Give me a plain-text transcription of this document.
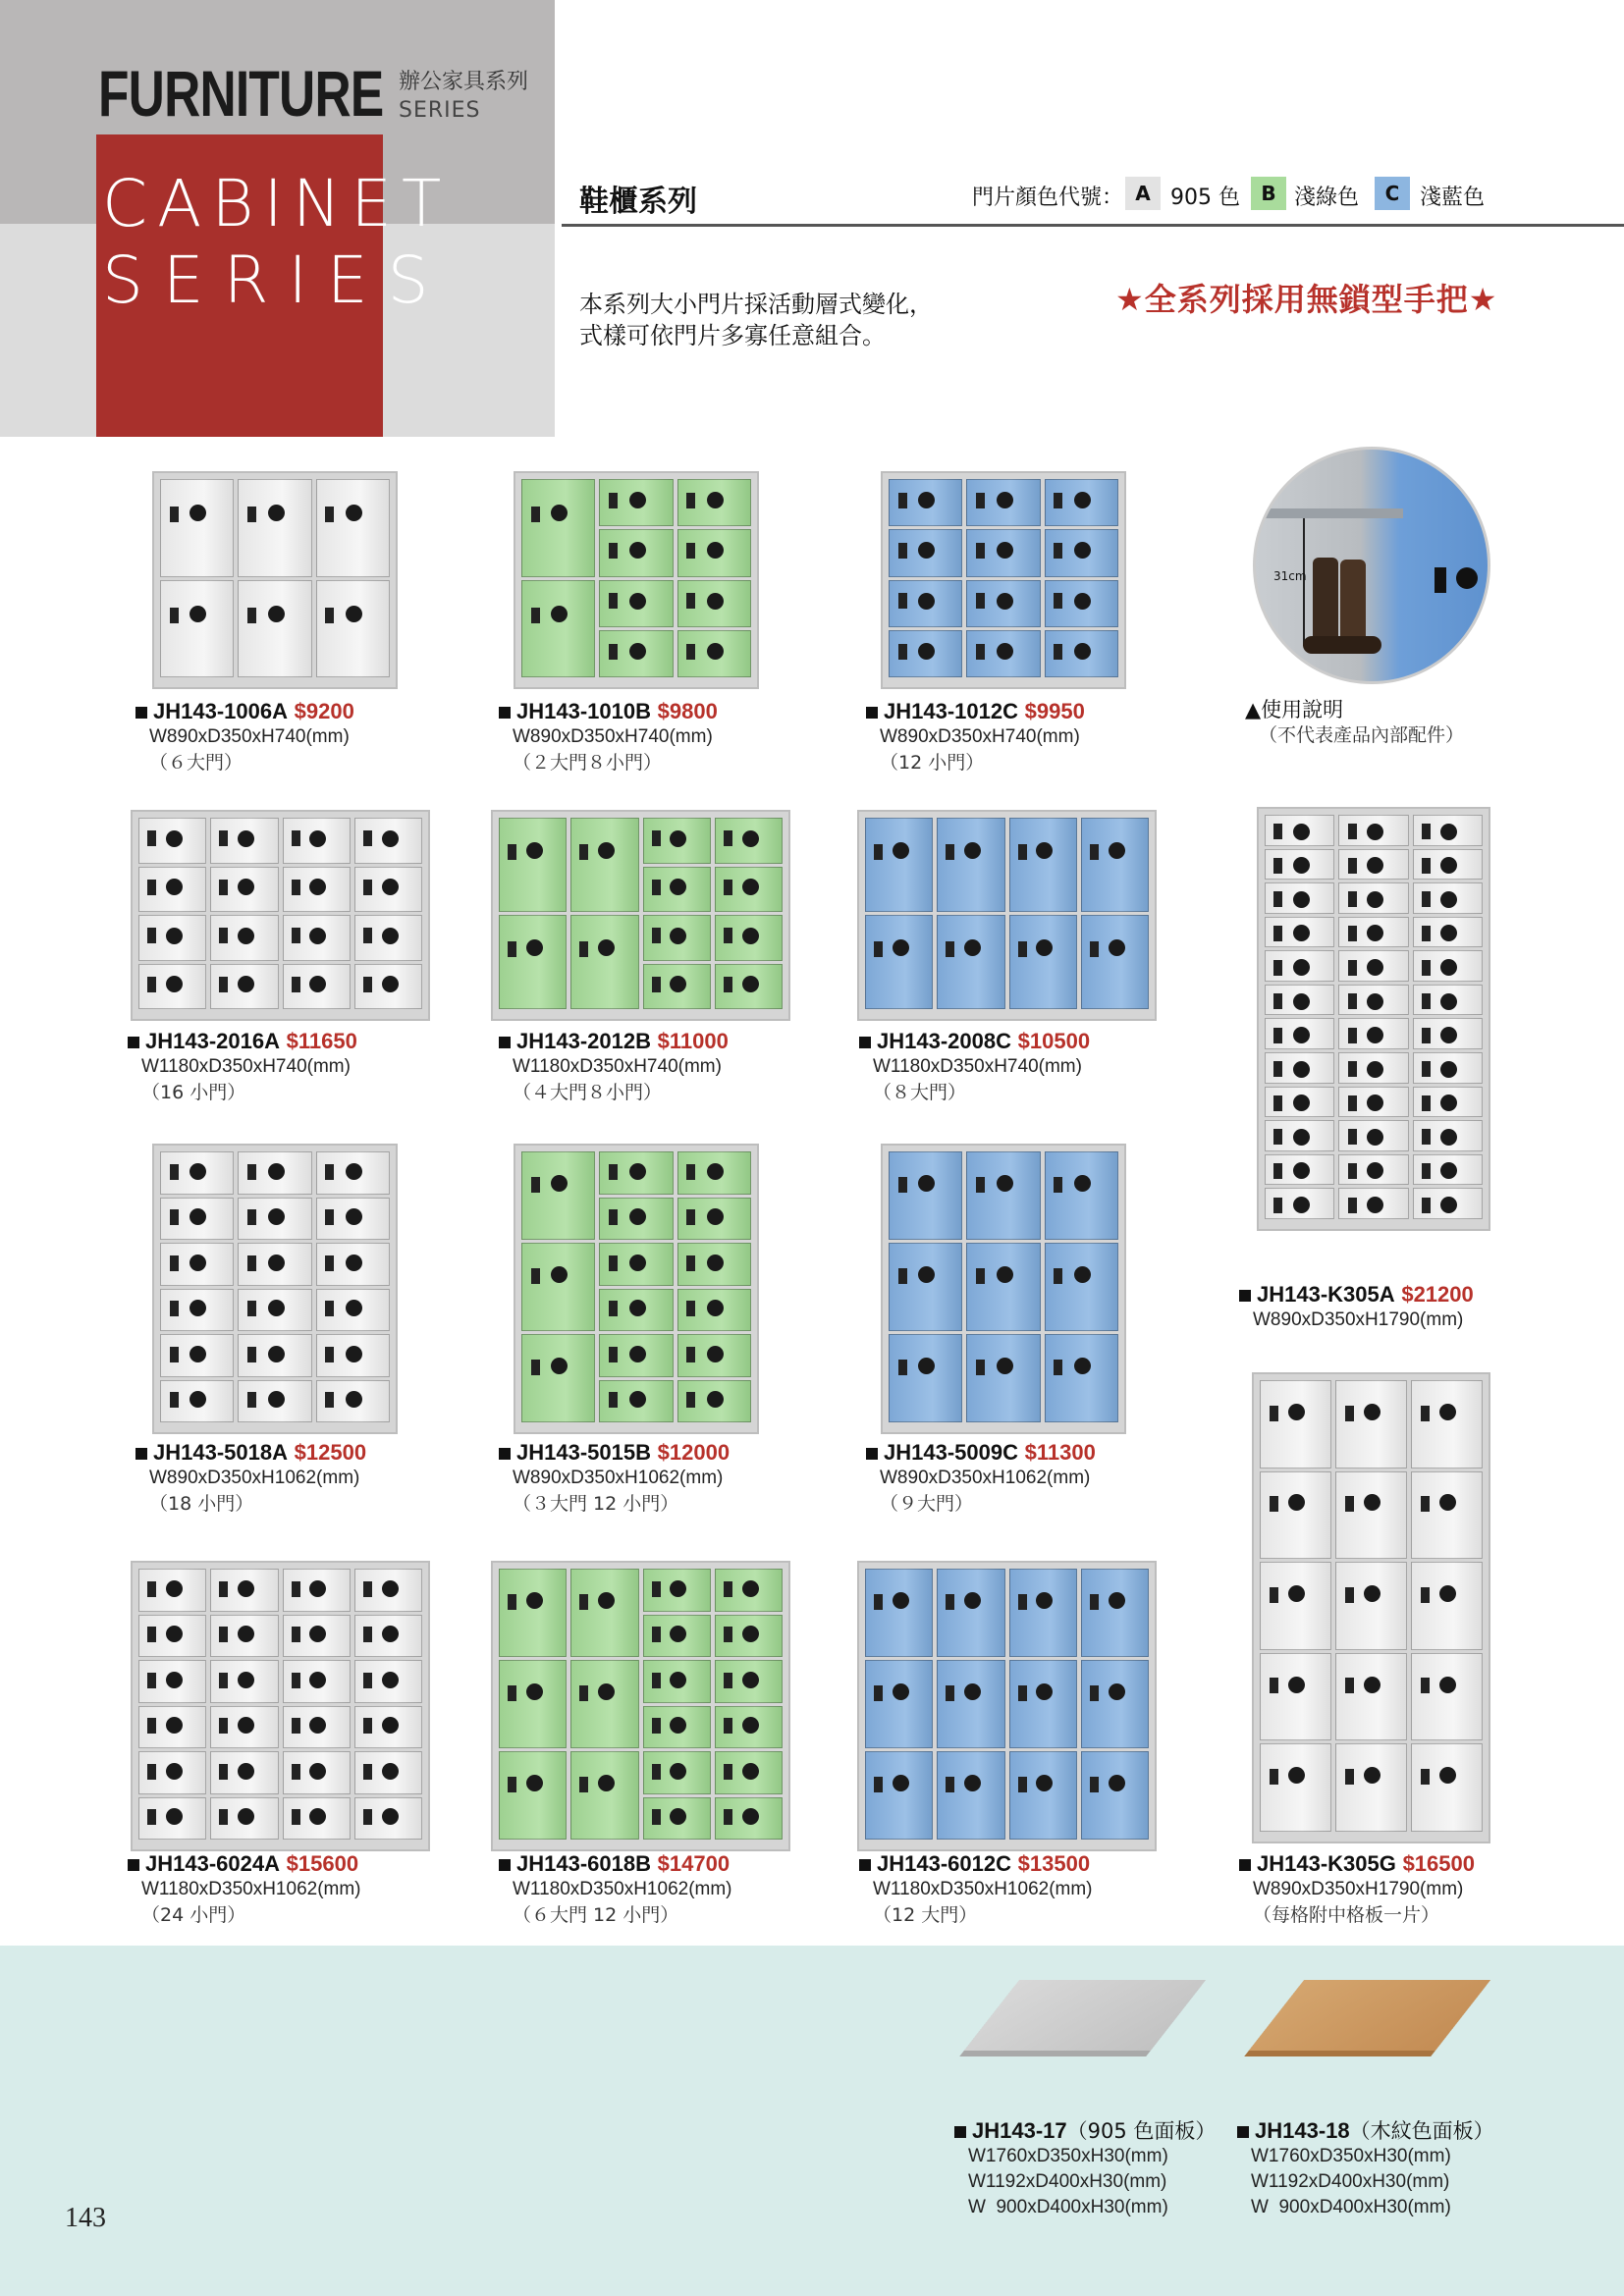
FURNITURE 辦公家具系列
SERIES
CABINET
SERIES
鞋櫃系列	門片顏色代號： A 905 色	B 淺綠色	C 淺藍色
本系列大小門片採活動層式變化，
式樣可依門片多寡任意組合。
★全系列採用無鎖型手把★
JH143-1006A $9200
W890xD350xH740(mm)
（６大門）
JH143-1010B $9800
W890xD350xH740(mm)
（２大門８小門）
JH143-1012C $9950
W890xD350xH740(mm)
（12 小門）
JH143-2016A $11650
W1180xD350xH740(mm)
（16 小門）
JH143-2012B $11000
W1180xD350xH740(mm)
（４大門８小門）
JH143-2008C $10500
W1180xD350xH740(mm)
（８大門）
JH143-5018A $12500
W890xD350xH1062(mm)
（18 小門）
JH143-5015B $12000
W890xD350xH1062(mm)
（３大門 12 小門）
JH143-5009C $11300
W890xD350xH1062(mm)
（９大門）
JH143-6024A $15600
W1180xD350xH1062(mm)
（24 小門）
JH143-6018B $14700
W1180xD350xH1062(mm)
（６大門 12 小門）
JH143-6012C $13500
W1180xD350xH1062(mm)
（12 大門）
JH143-K305A $21200
W890xD350xH1790(mm)
JH143-K305G $16500
W890xD350xH1790(mm)
（每格附中格板一片）
31cm
▲使用說明
（不代表產品內部配件）
JH143-17（905 色面板）
W1760xD350xH30(mm)
W1192xD400xH30(mm)
W  900xD400xH30(mm)
JH143-18（木紋色面板）
W1760xD350xH30(mm)
W1192xD400xH30(mm)
W  900xD400xH30(mm)
143
